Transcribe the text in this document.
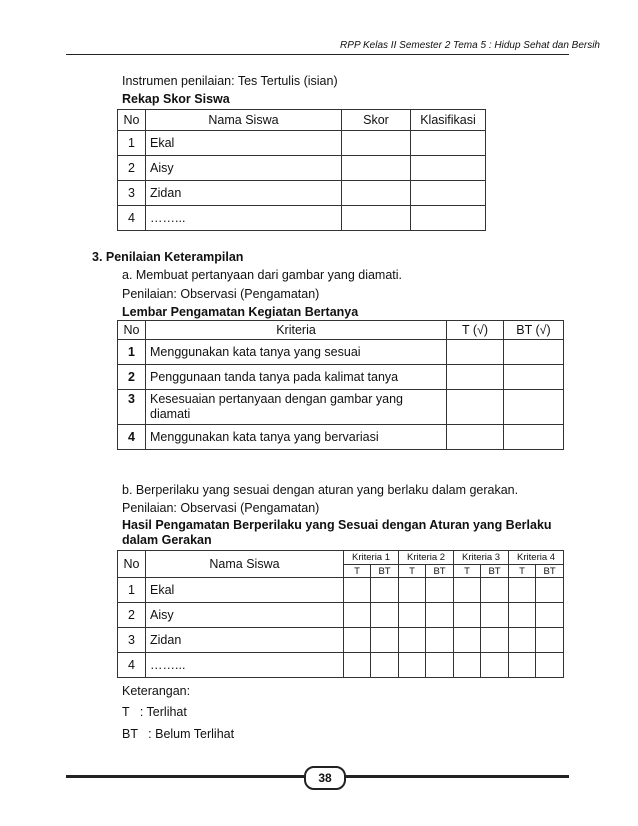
RPP Kelas II Semester 2 Tema 5 : Hidup Sehat dan Bersih
Instrumen penilaian: Tes Tertulis (isian)
Rekap Skor Siswa
No	Nama Siswa	Skor	Klasifikasi
1	Ekal		
2	Aisy		
3	Zidan		
4	……...		
3. Penilaian Keterampilan
a. Membuat pertanyaan dari gambar yang diamati.
Penilaian: Observasi (Pengamatan)
Lembar Pengamatan Kegiatan Bertanya
No	Kriteria	T (√)	BT (√)
1	Menggunakan kata tanya yang sesuai		
2	Penggunaan tanda tanya pada kalimat tanya		
3	Kesesuaian pertanyaan dengan gambar yang diamati		
4	Menggunakan kata tanya yang bervariasi		
b. Berperilaku yang sesuai dengan aturan yang berlaku dalam gerakan.
Penilaian: Observasi (Pengamatan)
Hasil Pengamatan Berperilaku yang Sesuai dengan Aturan yang Berlaku dalam Gerakan
No	Nama Siswa	Kriteria 1		Kriteria 2		Kriteria 3		Kriteria 4	
		T	BT	T	BT	T	BT	T	BT
1	Ekal								
2	Aisy								
3	Zidan								
4	……...								
Keterangan:
T   : Terlihat
BT   : Belum Terlihat
38
